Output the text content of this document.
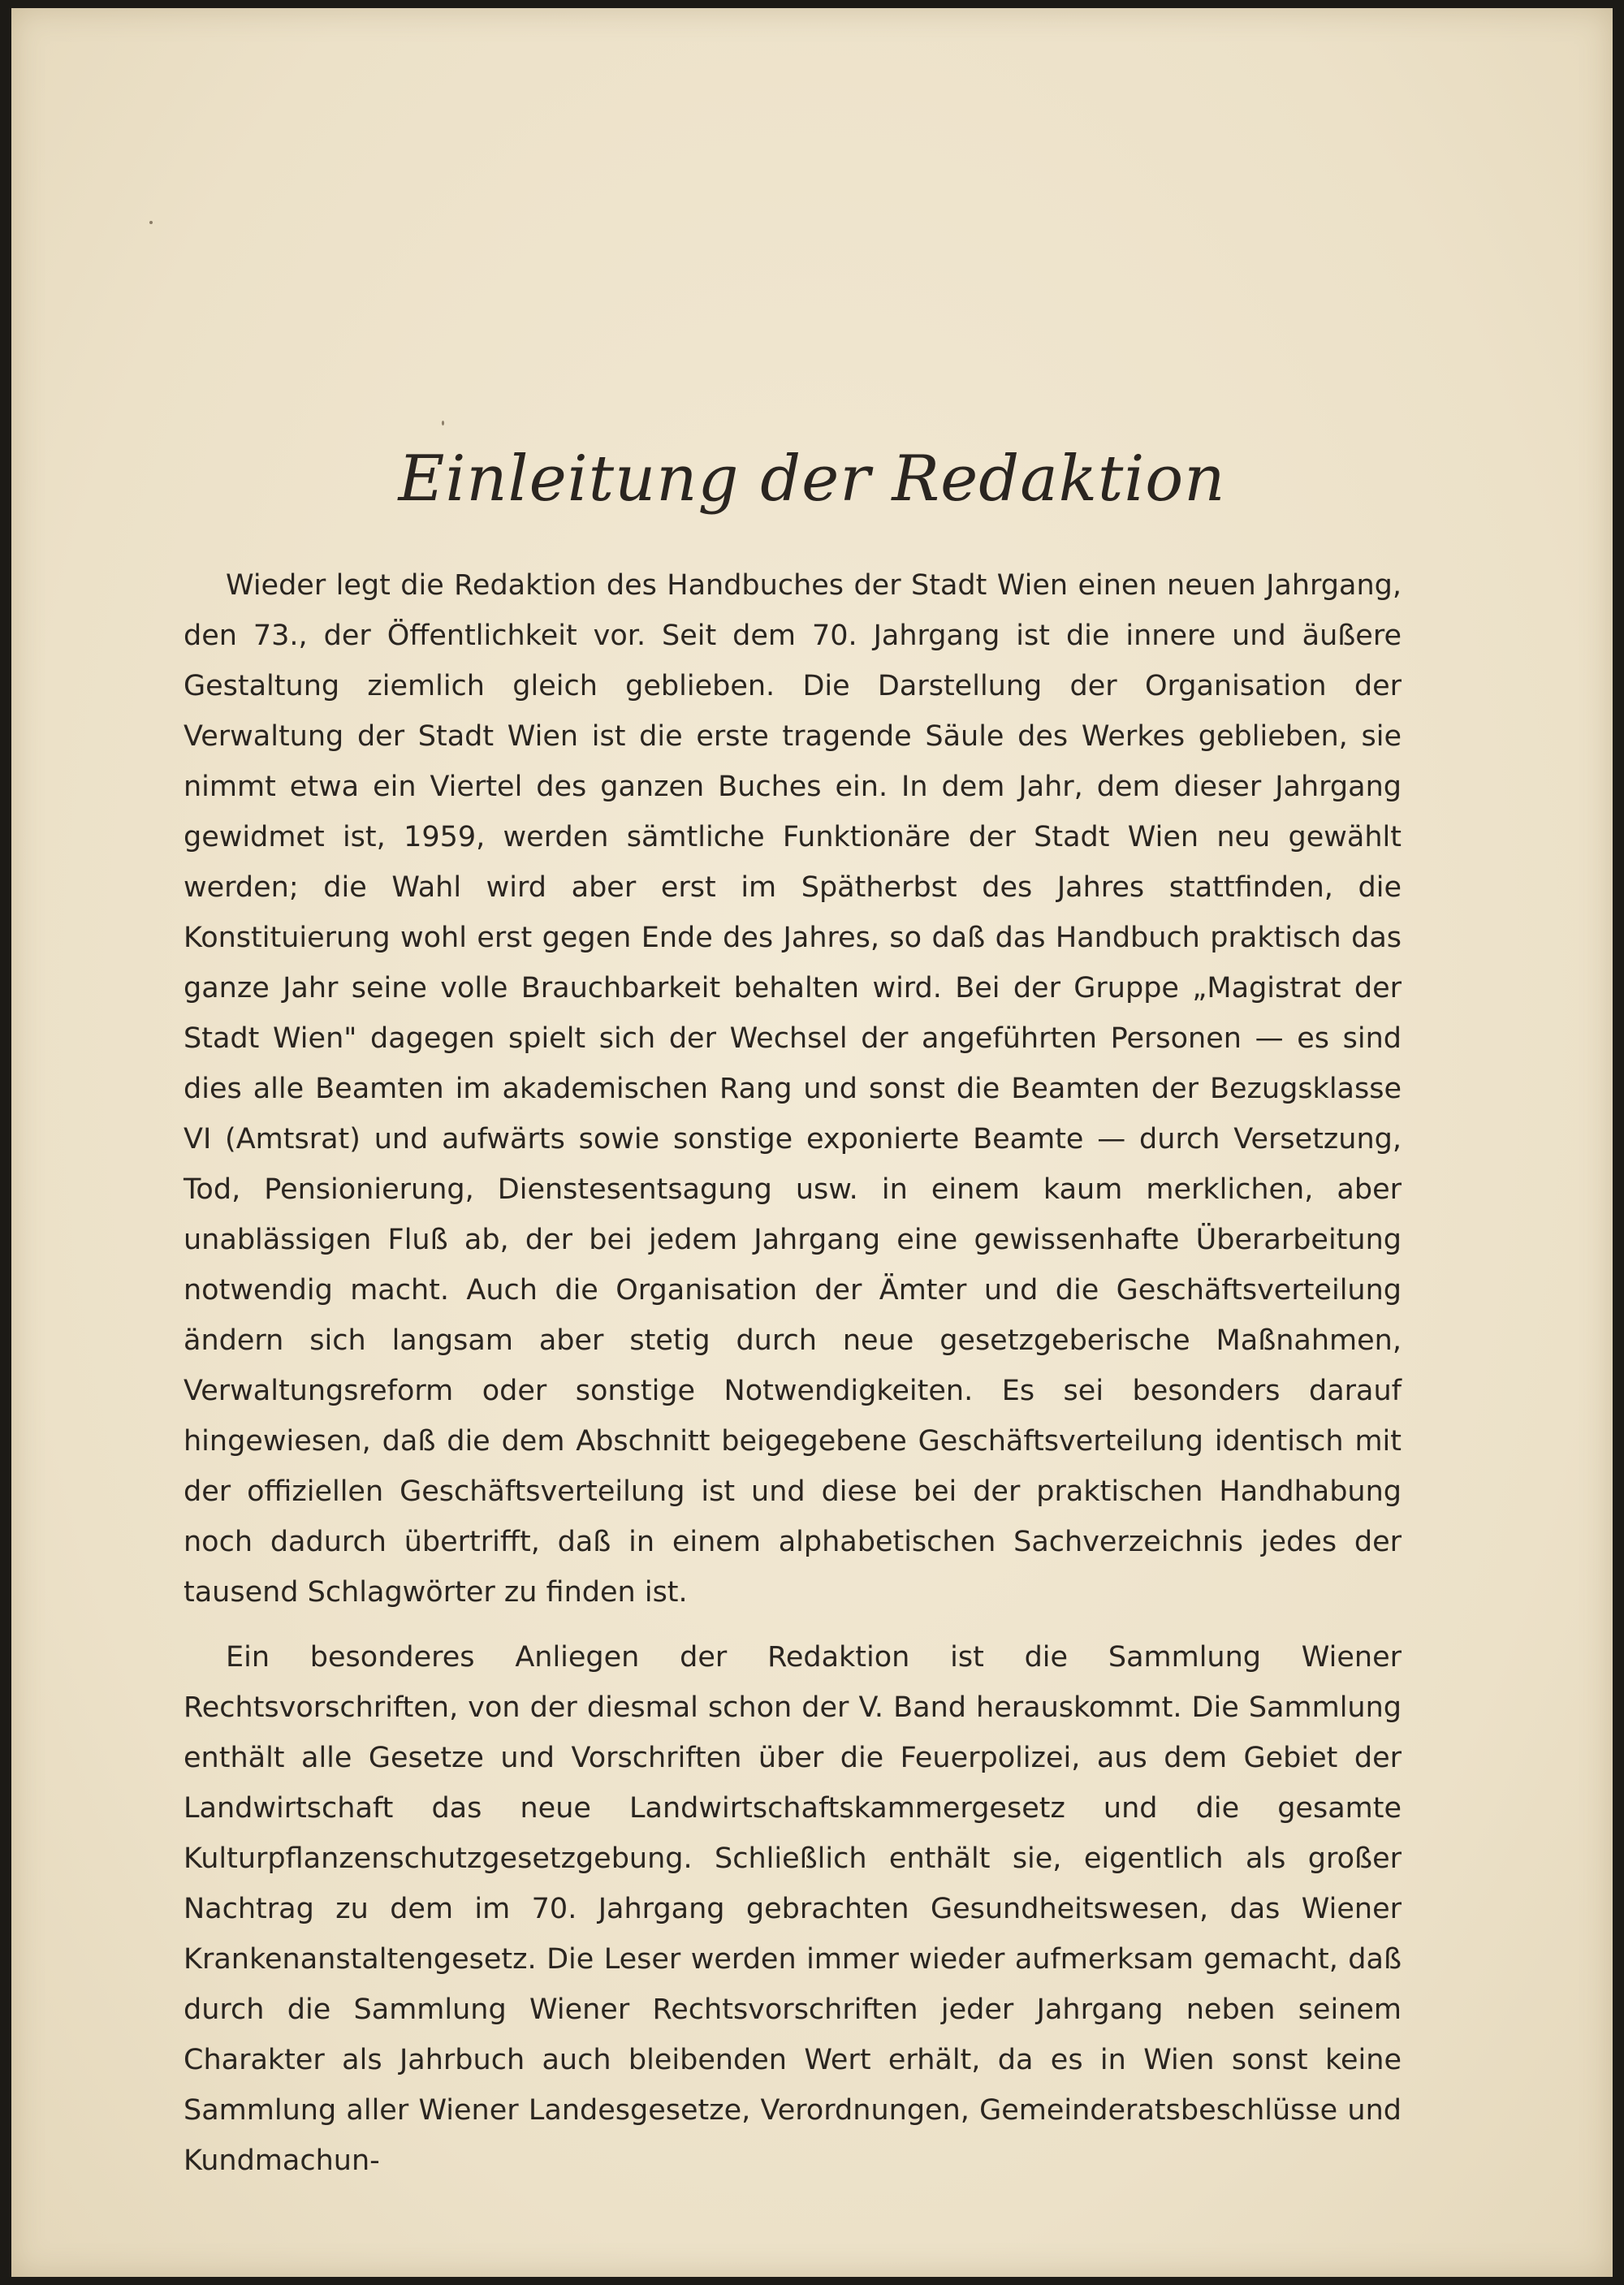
Einleitung der Redaktion

Wieder legt die Redaktion des Handbuches der Stadt Wien einen neuen Jahrgang, den 73., der Öffentlichkeit vor. Seit dem 70. Jahrgang ist die innere und äußere Gestaltung ziemlich gleich geblieben. Die Darstellung der Organisation der Verwaltung der Stadt Wien ist die erste tragende Säule des Werkes geblieben, sie nimmt etwa ein Viertel des ganzen Buches ein. In dem Jahr, dem dieser Jahrgang gewidmet ist, 1959, werden sämtliche Funktionäre der Stadt Wien neu gewählt werden; die Wahl wird aber erst im Spätherbst des Jahres stattfinden, die Konstituierung wohl erst gegen Ende des Jahres, so daß das Handbuch praktisch das ganze Jahr seine volle Brauchbarkeit behalten wird. Bei der Gruppe „Magistrat der Stadt Wien" dagegen spielt sich der Wechsel der angeführten Personen — es sind dies alle Beamten im akademischen Rang und sonst die Beamten der Bezugsklasse VI (Amtsrat) und aufwärts sowie sonstige exponierte Beamte — durch Versetzung, Tod, Pensionierung, Dienstesentsagung usw. in einem kaum merklichen, aber unablässigen Fluß ab, der bei jedem Jahrgang eine gewissenhafte Überarbeitung notwendig macht. Auch die Organisation der Ämter und die Geschäftsverteilung ändern sich langsam aber stetig durch neue gesetzgeberische Maßnahmen, Verwaltungsreform oder sonstige Notwendigkeiten. Es sei besonders darauf hingewiesen, daß die dem Abschnitt beigegebene Geschäftsverteilung identisch mit der offiziellen Geschäftsverteilung ist und diese bei der praktischen Handhabung noch dadurch übertrifft, daß in einem alphabetischen Sachverzeichnis jedes der tausend Schlagwörter zu finden ist.

Ein besonderes Anliegen der Redaktion ist die Sammlung Wiener Rechtsvorschriften, von der diesmal schon der V. Band herauskommt. Die Sammlung enthält alle Gesetze und Vorschriften über die Feuerpolizei, aus dem Gebiet der Landwirtschaft das neue Landwirtschaftskammergesetz und die gesamte Kulturpflanzenschutzgesetzgebung. Schließlich enthält sie, eigentlich als großer Nachtrag zu dem im 70. Jahrgang gebrachten Gesundheitswesen, das Wiener Krankenanstaltengesetz. Die Leser werden immer wieder aufmerksam gemacht, daß durch die Sammlung Wiener Rechtsvorschriften jeder Jahrgang neben seinem Charakter als Jahrbuch auch bleibenden Wert erhält, da es in Wien sonst keine Sammlung aller Wiener Landesgesetze, Verordnungen, Gemeinderatsbeschlüsse und Kundmachun-
